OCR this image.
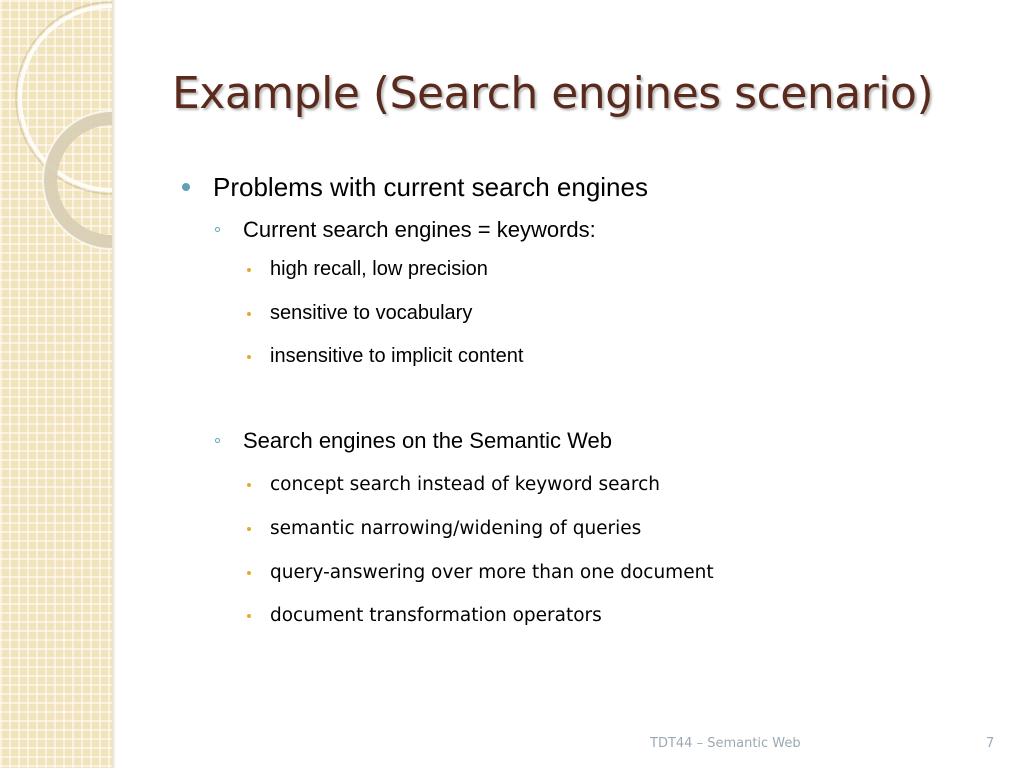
Example (Search engines scenario)
Problems with current search engines
Current search engines = keywords:
high recall, low precision
sensitive to vocabulary
insensitive to implicit content
Search engines on the Semantic Web
concept search instead of keyword search
semantic narrowing/widening of queries
query-answering over more than one document
document transformation operators
TDT44 – Semantic Web	7
